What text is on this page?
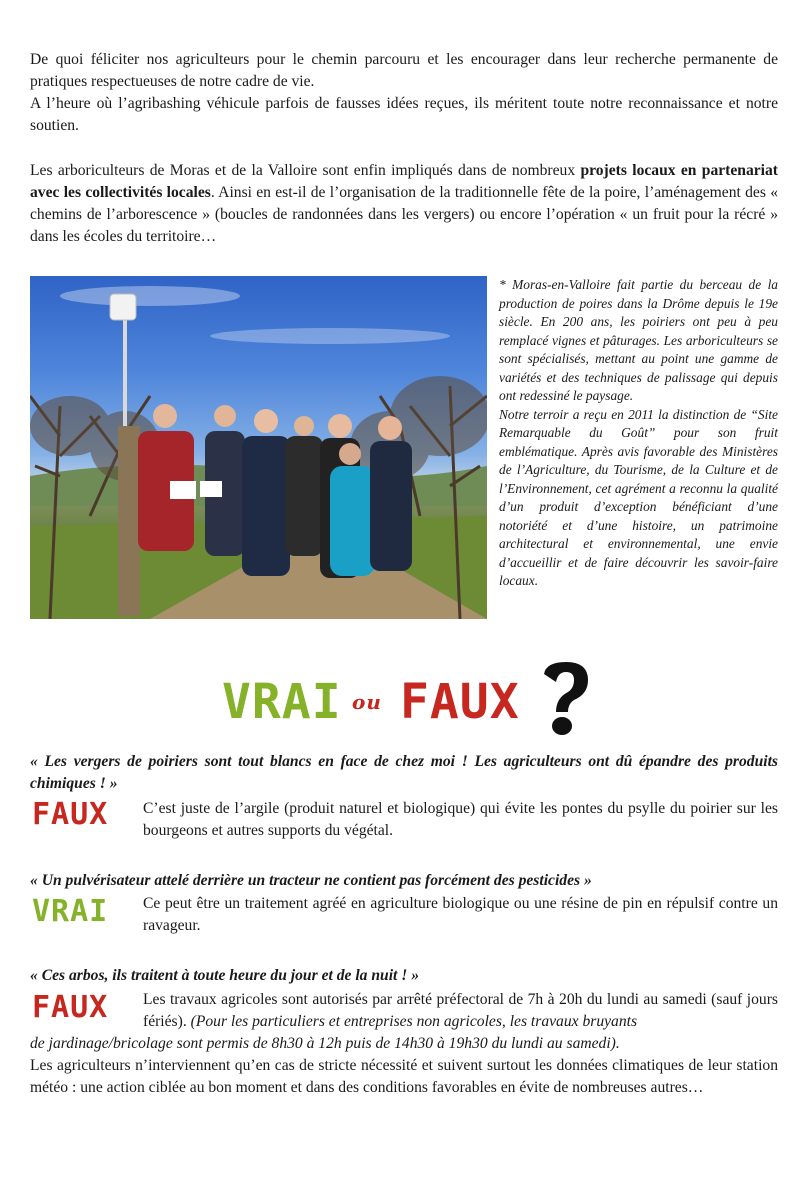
De quoi féliciter nos agriculteurs pour le chemin parcouru et les encourager dans leur recherche permanente de pratiques respectueuses de notre cadre de vie.
A l’heure où l’agribashing véhicule parfois de fausses idées reçues, ils méritent toute notre reconnaissance et notre soutien.

Les arboriculteurs de Moras et de la Valloire sont enfin impliqués dans de nombreux projets locaux en partenariat avec les collectivités locales. Ainsi en est-il de l’organisation de la traditionnelle fête de la poire, l’aménagement des « chemins de l’arborescence » (boucles de randonnées dans les vergers) ou encore l’opération « un fruit pour la récré » dans les écoles du territoire…

* Moras-en-Valloire fait partie du berceau de la production de poires dans la Drôme depuis le 19e siècle. En 200 ans, les poiriers ont peu à peu remplacé vignes et pâturages. Les arboriculteurs se sont spécialisés, mettant au point une gamme de variétés et des techniques de palissage qui depuis ont redessiné le paysage.
Notre terroir a reçu en 2011 la distinction de “Site Remarquable du Goût” pour son fruit emblématique. Après avis favorable des Ministères de l’Agriculture, du Tourisme, de la Culture et de l’Environnement, cet agrément a reconnu la qualité d’un produit d’exception bénéficiant d’une notoriété et d’une histoire, un patrimoine architectural et environnemental, une envie d’accueillir et de faire découvrir les savoir-faire locaux.

VRAI ou FAUX

« Les vergers de poiriers sont tout blancs en face de chez moi ! Les agriculteurs ont dû épandre des produits chimiques ! »

FAUX C’est juste de l’argile (produit naturel et biologique) qui évite les pontes du psylle du poirier sur les bourgeons et autres supports du végétal.

« Un pulvérisateur attelé derrière un tracteur ne contient pas forcément des pesticides »

VRAI Ce peut être un traitement agréé en agriculture biologique ou une résine de pin en répulsif contre un ravageur.

« Ces arbos, ils traitent à toute heure du jour et de la nuit ! »

FAUX Les travaux agricoles sont autorisés par arrêté préfectoral de 7h à 20h du lundi au samedi (sauf jours fériés). (Pour les particuliers et entreprises non agricoles, les travaux bruyants

de jardinage/bricolage sont permis de 8h30 à 12h puis de 14h30 à 19h30 du lundi au samedi).

Les agriculteurs n’interviennent qu’en cas de stricte nécessité et suivent surtout les données climatiques de leur station météo : une action ciblée au bon moment et dans des conditions favorables en évite de nombreuses autres…
